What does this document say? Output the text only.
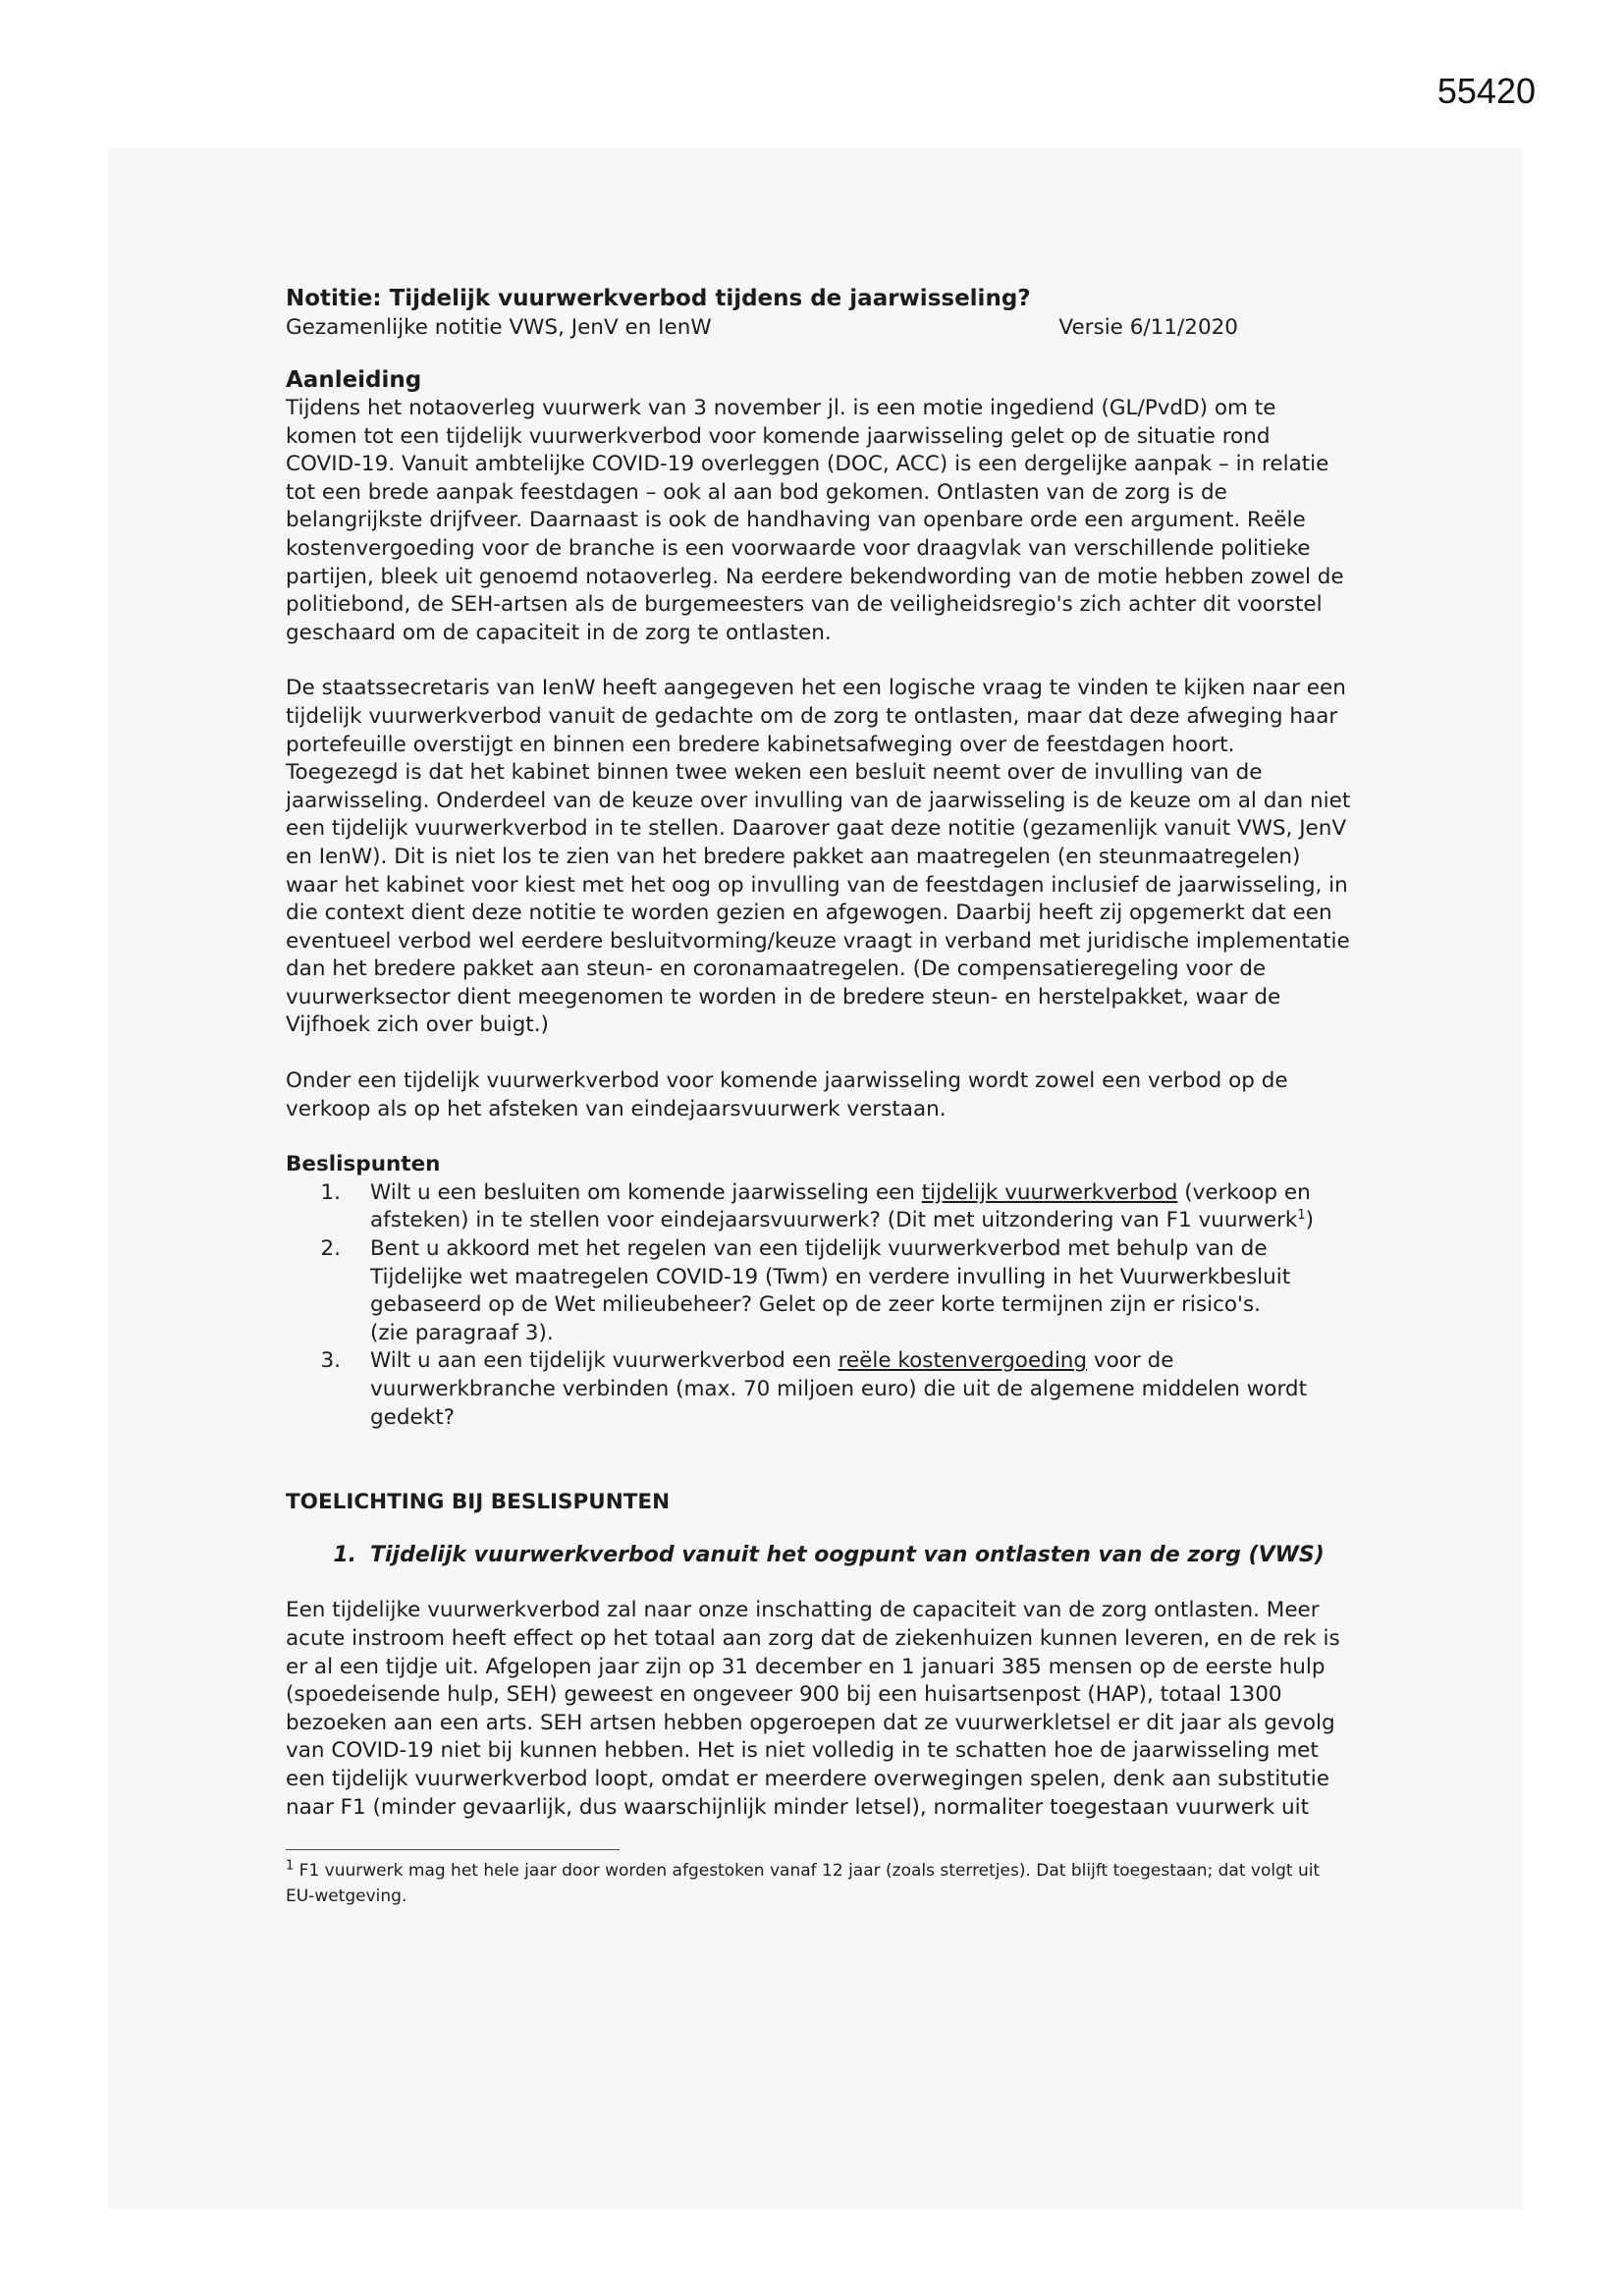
55420

Notitie: Tijdelijk vuurwerkverbod tijdens de jaarwisseling?

Gezamenlijke notitie VWS, JenV en IenW	Versie 6/11/2020

Aanleiding

Tijdens het notaoverleg vuurwerk van 3 november jl. is een motie ingediend (GL/PvdD) om te komen tot een tijdelijk vuurwerkverbod voor komende jaarwisseling gelet op de situatie rond COVID-19. Vanuit ambtelijke COVID-19 overleggen (DOC, ACC) is een dergelijke aanpak – in relatie tot een brede aanpak feestdagen – ook al aan bod gekomen. Ontlasten van de zorg is de belangrijkste drijfveer. Daarnaast is ook de handhaving van openbare orde een argument. Reële kostenvergoeding voor de branche is een voorwaarde voor draagvlak van verschillende politieke partijen, bleek uit genoemd notaoverleg. Na eerdere bekendwording van de motie hebben zowel de politiebond, de SEH-artsen als de burgemeesters van de veiligheidsregio's zich achter dit voorstel geschaard om de capaciteit in de zorg te ontlasten.

De staatssecretaris van IenW heeft aangegeven het een logische vraag te vinden te kijken naar een tijdelijk vuurwerkverbod vanuit de gedachte om de zorg te ontlasten, maar dat deze afweging haar portefeuille overstijgt en binnen een bredere kabinetsafweging over de feestdagen hoort. Toegezegd is dat het kabinet binnen twee weken een besluit neemt over de invulling van de jaarwisseling. Onderdeel van de keuze over invulling van de jaarwisseling is de keuze om al dan niet een tijdelijk vuurwerkverbod in te stellen. Daarover gaat deze notitie (gezamenlijk vanuit VWS, JenV en IenW). Dit is niet los te zien van het bredere pakket aan maatregelen (en steunmaatregelen) waar het kabinet voor kiest met het oog op invulling van de feestdagen inclusief de jaarwisseling, in die context dient deze notitie te worden gezien en afgewogen. Daarbij heeft zij opgemerkt dat een eventueel verbod wel eerdere besluitvorming/keuze vraagt in verband met juridische implementatie dan het bredere pakket aan steun- en coronamaatregelen. (De compensatieregeling voor de vuurwerksector dient meegenomen te worden in de bredere steun- en herstelpakket, waar de Vijfhoek zich over buigt.)

Onder een tijdelijk vuurwerkverbod voor komende jaarwisseling wordt zowel een verbod op de verkoop als op het afsteken van eindejaarsvuurwerk verstaan.

Beslispunten

1.	Wilt u een besluiten om komende jaarwisseling een tijdelijk vuurwerkverbod (verkoop en afsteken) in te stellen voor eindejaarsvuurwerk? (Dit met uitzondering van F1 vuurwerk$^1$)
2.	Bent u akkoord met het regelen van een tijdelijk vuurwerkverbod met behulp van de Tijdelijke wet maatregelen COVID-19 (Twm) en verdere invulling in het Vuurwerkbesluit gebaseerd op de Wet milieubeheer? Gelet op de zeer korte termijnen zijn er risico's.
(zie paragraaf 3).
3.	Wilt u aan een tijdelijk vuurwerkverbod een reële kostenvergoeding voor de vuurwerkbranche verbinden (max. 70 miljoen euro) die uit de algemene middelen wordt gedekt?

TOELICHTING BIJ BESLISPUNTEN

1. Tijdelijk vuurwerkverbod vanuit het oogpunt van ontlasten van de zorg (VWS)

Een tijdelijke vuurwerkverbod zal naar onze inschatting de capaciteit van de zorg ontlasten. Meer acute instroom heeft effect op het totaal aan zorg dat de ziekenhuizen kunnen leveren, en de rek is er al een tijdje uit. Afgelopen jaar zijn op 31 december en 1 januari 385 mensen op de eerste hulp (spoedeisende hulp, SEH) geweest en ongeveer 900 bij een huisartsenpost (HAP), totaal 1300 bezoeken aan een arts. SEH artsen hebben opgeroepen dat ze vuurwerkletsel er dit jaar als gevolg van COVID-19 niet bij kunnen hebben. Het is niet volledig in te schatten hoe de jaarwisseling met een tijdelijk vuurwerkverbod loopt, omdat er meerdere overwegingen spelen, denk aan substitutie naar F1 (minder gevaarlijk, dus waarschijnlijk minder letsel), normaliter toegestaan vuurwerk uit

$^1$ F1 vuurwerk mag het hele jaar door worden afgestoken vanaf 12 jaar (zoals sterretjes). Dat blijft toegestaan; dat volgt uit EU-wetgeving.
